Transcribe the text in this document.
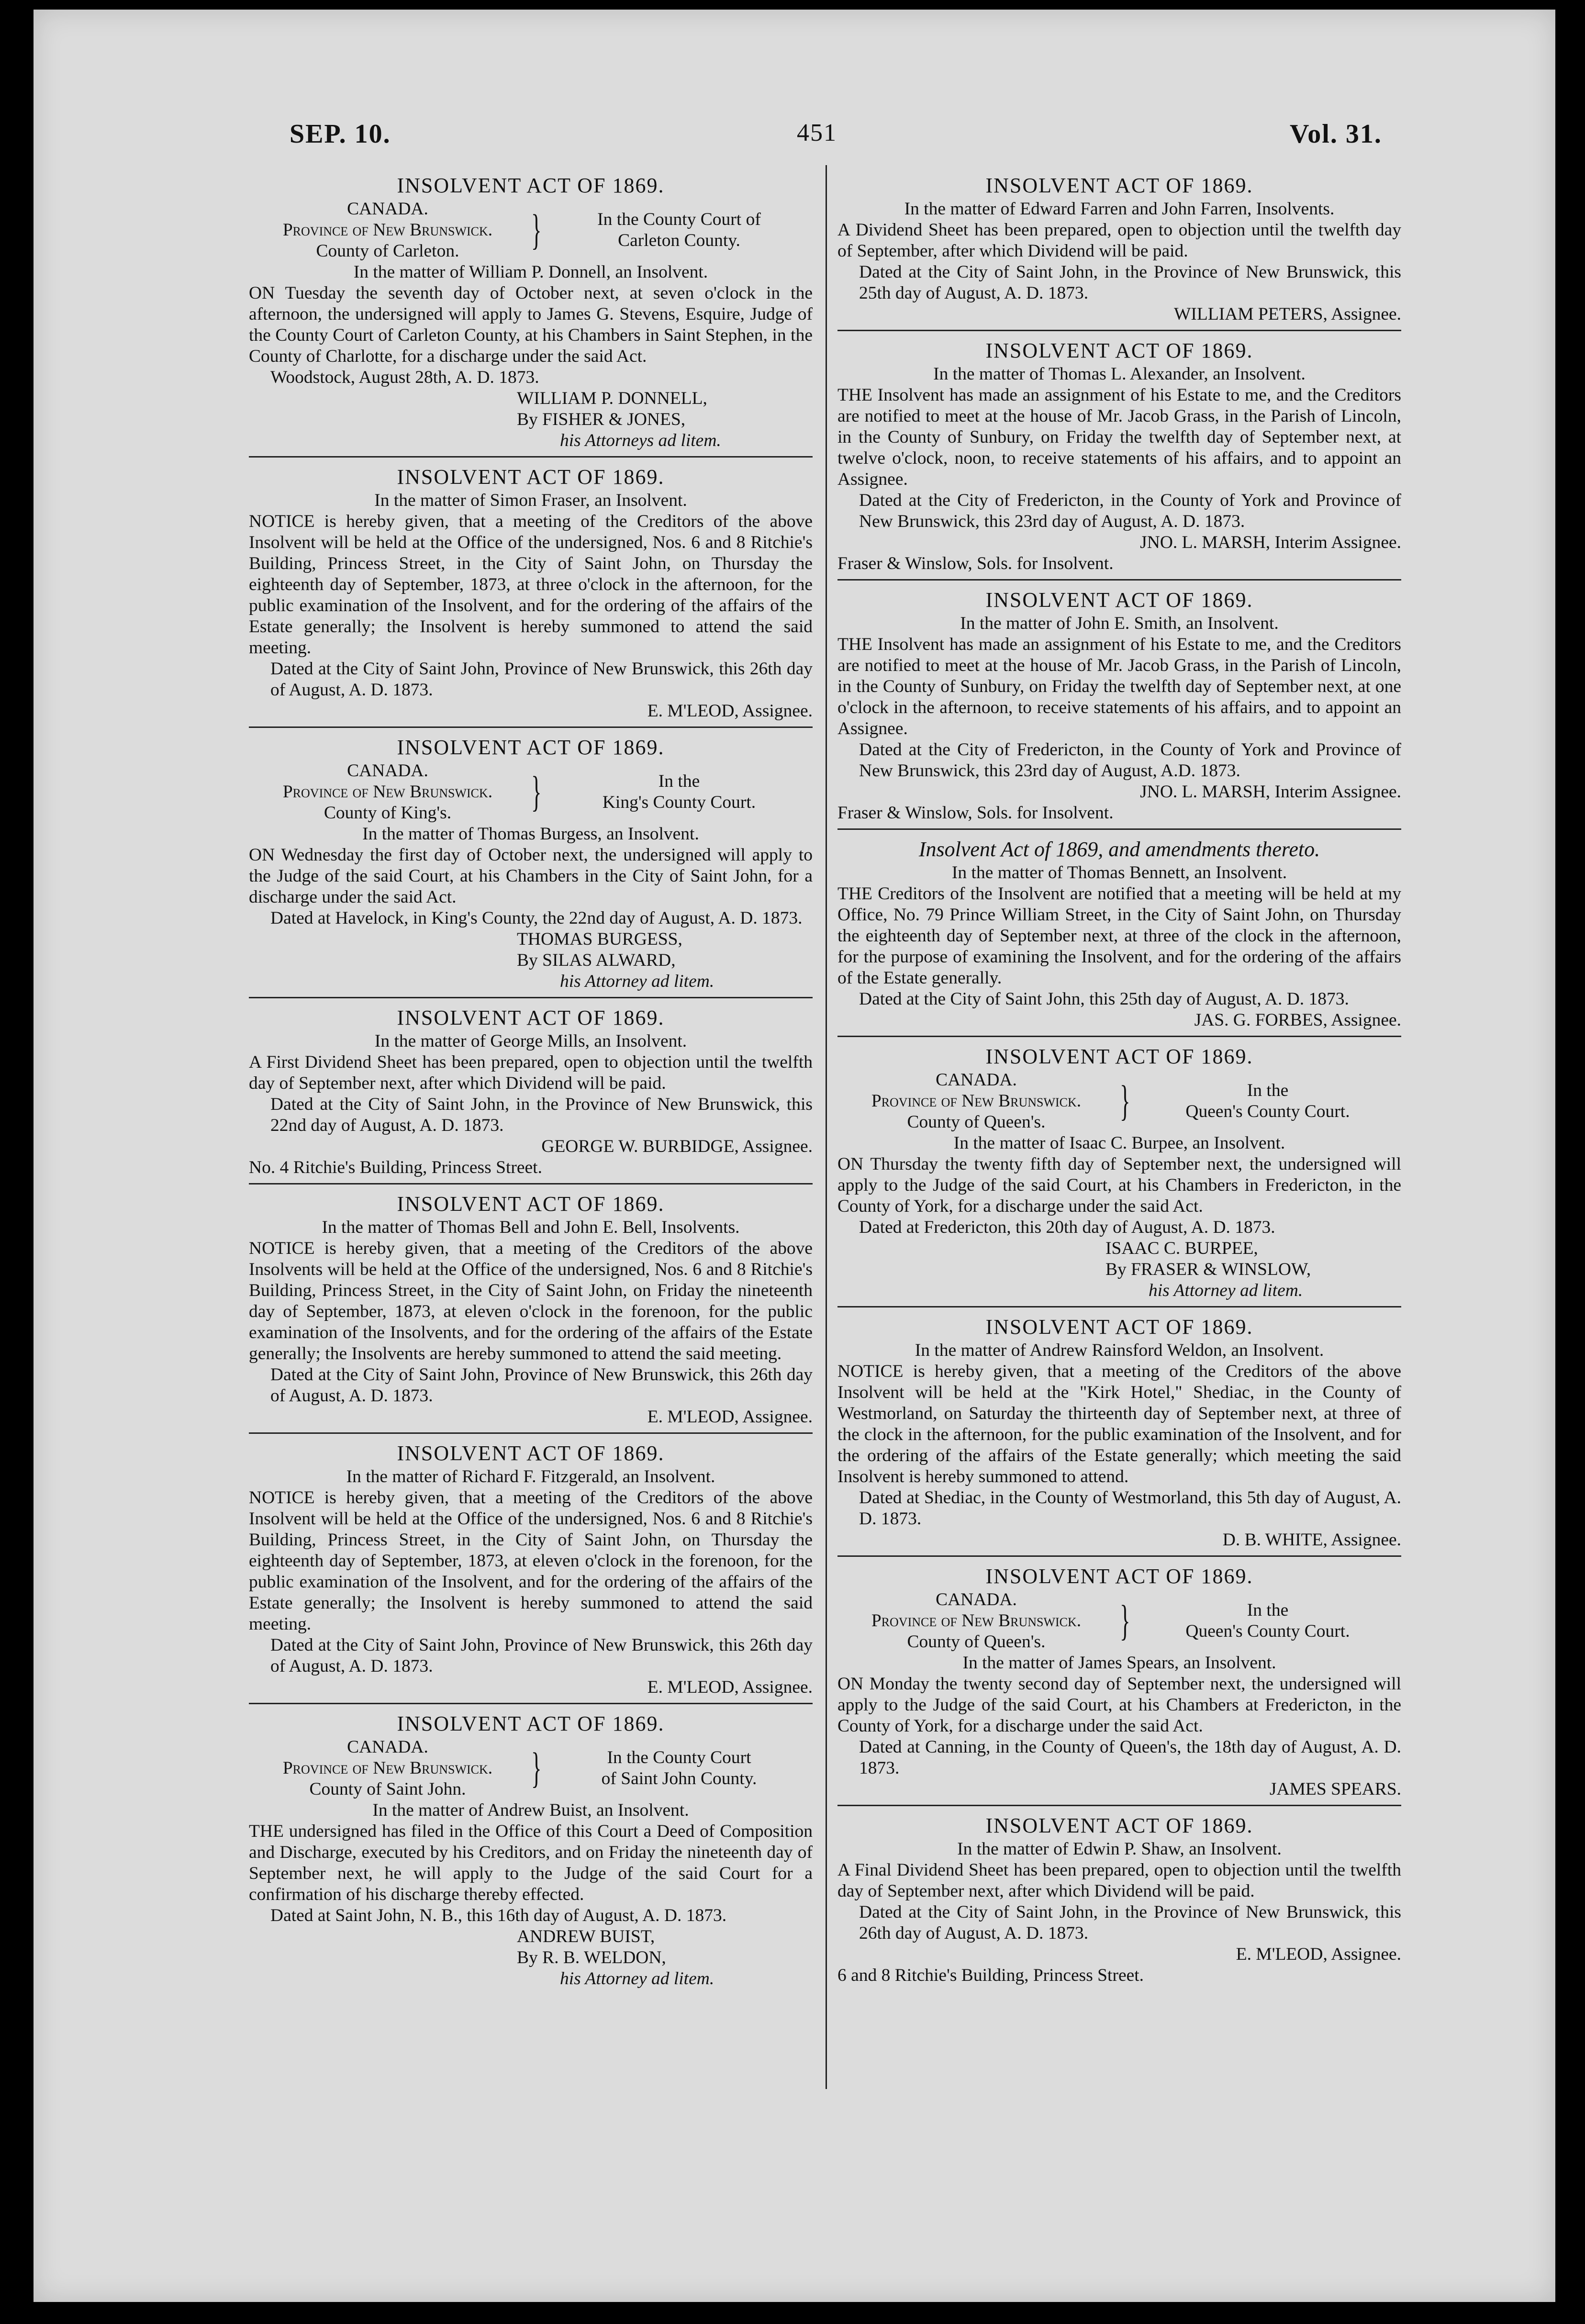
SEP. 10.	451	Vol. 31.
INSOLVENT ACT OF 1869.
CANADA.
Province of New Brunswick.
County of Carleton.	}	In the County Court of
Carleton County.
In the matter of William P. Donnell, an Insolvent.
ON Tuesday the seventh day of October next, at seven o'clock in the afternoon, the undersigned will apply to James G. Stevens, Esquire, Judge of the County Court of Carleton County, at his Chambers in Saint Stephen, in the County of Charlotte, for a discharge under the said Act.
Woodstock, August 28th, A. D. 1873.
WILLIAM P. DONNELL,
By FISHER & JONES,
his Attorneys ad litem.
INSOLVENT ACT OF 1869.
In the matter of Simon Fraser, an Insolvent.
NOTICE is hereby given, that a meeting of the Creditors of the above Insolvent will be held at the Office of the undersigned, Nos. 6 and 8 Ritchie's Building, Princess Street, in the City of Saint John, on Thursday the eighteenth day of September, 1873, at three o'clock in the afternoon, for the public examination of the Insolvent, and for the ordering of the affairs of the Estate generally; the Insolvent is hereby summoned to attend the said meeting.
Dated at the City of Saint John, Province of New Brunswick, this 26th day of August, A. D. 1873.
E. M'LEOD, Assignee.
INSOLVENT ACT OF 1869.
CANADA.
Province of New Brunswick.
County of King's.	}	In the
King's County Court.
In the matter of Thomas Burgess, an Insolvent.
ON Wednesday the first day of October next, the undersigned will apply to the Judge of the said Court, at his Chambers in the City of Saint John, for a discharge under the said Act.
Dated at Havelock, in King's County, the 22nd day of August, A. D. 1873.
THOMAS BURGESS,
By SILAS ALWARD,
his Attorney ad litem.
INSOLVENT ACT OF 1869.
In the matter of George Mills, an Insolvent.
A First Dividend Sheet has been prepared, open to objection until the twelfth day of September next, after which Dividend will be paid.
Dated at the City of Saint John, in the Province of New Brunswick, this 22nd day of August, A. D. 1873.
GEORGE W. BURBIDGE, Assignee.
No. 4 Ritchie's Building, Princess Street.
INSOLVENT ACT OF 1869.
In the matter of Thomas Bell and John E. Bell, Insolvents.
NOTICE is hereby given, that a meeting of the Creditors of the above Insolvents will be held at the Office of the undersigned, Nos. 6 and 8 Ritchie's Building, Princess Street, in the City of Saint John, on Friday the nineteenth day of September, 1873, at eleven o'clock in the forenoon, for the public examination of the Insolvents, and for the ordering of the affairs of the Estate generally; the Insolvents are hereby summoned to attend the said meeting.
Dated at the City of Saint John, Province of New Brunswick, this 26th day of August, A. D. 1873.
E. M'LEOD, Assignee.
INSOLVENT ACT OF 1869.
In the matter of Richard F. Fitzgerald, an Insolvent.
NOTICE is hereby given, that a meeting of the Creditors of the above Insolvent will be held at the Office of the undersigned, Nos. 6 and 8 Ritchie's Building, Princess Street, in the City of Saint John, on Thursday the eighteenth day of September, 1873, at eleven o'clock in the forenoon, for the public examination of the Insolvent, and for the ordering of the affairs of the Estate generally; the Insolvent is hereby summoned to attend the said meeting.
Dated at the City of Saint John, Province of New Brunswick, this 26th day of August, A. D. 1873.
E. M'LEOD, Assignee.
INSOLVENT ACT OF 1869.
CANADA.
Province of New Brunswick.
County of Saint John.	}	In the County Court
of Saint John County.
In the matter of Andrew Buist, an Insolvent.
THE undersigned has filed in the Office of this Court a Deed of Composition and Discharge, executed by his Creditors, and on Friday the nineteenth day of September next, he will apply to the Judge of the said Court for a confirmation of his discharge thereby effected.
Dated at Saint John, N. B., this 16th day of August, A. D. 1873.
ANDREW BUIST,
By R. B. WELDON,
his Attorney ad litem.
INSOLVENT ACT OF 1869.
In the matter of Edward Farren and John Farren, Insolvents.
A Dividend Sheet has been prepared, open to objection until the twelfth day of September, after which Dividend will be paid.
Dated at the City of Saint John, in the Province of New Brunswick, this 25th day of August, A. D. 1873.
WILLIAM PETERS, Assignee.
INSOLVENT ACT OF 1869.
In the matter of Thomas L. Alexander, an Insolvent.
THE Insolvent has made an assignment of his Estate to me, and the Creditors are notified to meet at the house of Mr. Jacob Grass, in the Parish of Lincoln, in the County of Sunbury, on Friday the twelfth day of September next, at twelve o'clock, noon, to receive statements of his affairs, and to appoint an Assignee.
Dated at the City of Fredericton, in the County of York and Province of New Brunswick, this 23rd day of August, A. D. 1873.
JNO. L. MARSH, Interim Assignee.
Fraser & Winslow, Sols. for Insolvent.
INSOLVENT ACT OF 1869.
In the matter of John E. Smith, an Insolvent.
THE Insolvent has made an assignment of his Estate to me, and the Creditors are notified to meet at the house of Mr. Jacob Grass, in the Parish of Lincoln, in the County of Sunbury, on Friday the twelfth day of September next, at one o'clock in the afternoon, to receive statements of his affairs, and to appoint an Assignee.
Dated at the City of Fredericton, in the County of York and Province of New Brunswick, this 23rd day of August, A.D. 1873.
JNO. L. MARSH, Interim Assignee.
Fraser & Winslow, Sols. for Insolvent.
Insolvent Act of 1869, and amendments thereto.
In the matter of Thomas Bennett, an Insolvent.
THE Creditors of the Insolvent are notified that a meeting will be held at my Office, No. 79 Prince William Street, in the City of Saint John, on Thursday the eighteenth day of September next, at three of the clock in the afternoon, for the purpose of examining the Insolvent, and for the ordering of the affairs of the Estate generally.
Dated at the City of Saint John, this 25th day of August, A. D. 1873.
JAS. G. FORBES, Assignee.
INSOLVENT ACT OF 1869.
CANADA.
Province of New Brunswick.
County of Queen's.	}	In the
Queen's County Court.
In the matter of Isaac C. Burpee, an Insolvent.
ON Thursday the twenty fifth day of September next, the undersigned will apply to the Judge of the said Court, at his Chambers in Fredericton, in the County of York, for a discharge under the said Act.
Dated at Fredericton, this 20th day of August, A. D. 1873.
ISAAC C. BURPEE,
By FRASER & WINSLOW,
his Attorney ad litem.
INSOLVENT ACT OF 1869.
In the matter of Andrew Rainsford Weldon, an Insolvent.
NOTICE is hereby given, that a meeting of the Creditors of the above Insolvent will be held at the "Kirk Hotel," Shediac, in the County of Westmorland, on Saturday the thirteenth day of September next, at three of the clock in the afternoon, for the public examination of the Insolvent, and for the ordering of the affairs of the Estate generally; which meeting the said Insolvent is hereby summoned to attend.
Dated at Shediac, in the County of Westmorland, this 5th day of August, A. D. 1873.
D. B. WHITE, Assignee.
INSOLVENT ACT OF 1869.
CANADA.
Province of New Brunswick.
County of Queen's.	}	In the
Queen's County Court.
In the matter of James Spears, an Insolvent.
ON Monday the twenty second day of September next, the undersigned will apply to the Judge of the said Court, at his Chambers at Fredericton, in the County of York, for a discharge under the said Act.
Dated at Canning, in the County of Queen's, the 18th day of August, A. D. 1873.
JAMES SPEARS.
INSOLVENT ACT OF 1869.
In the matter of Edwin P. Shaw, an Insolvent.
A Final Dividend Sheet has been prepared, open to objection until the twelfth day of September next, after which Dividend will be paid.
Dated at the City of Saint John, in the Province of New Brunswick, this 26th day of August, A. D. 1873.
E. M'LEOD, Assignee.
6 and 8 Ritchie's Building, Princess Street.
